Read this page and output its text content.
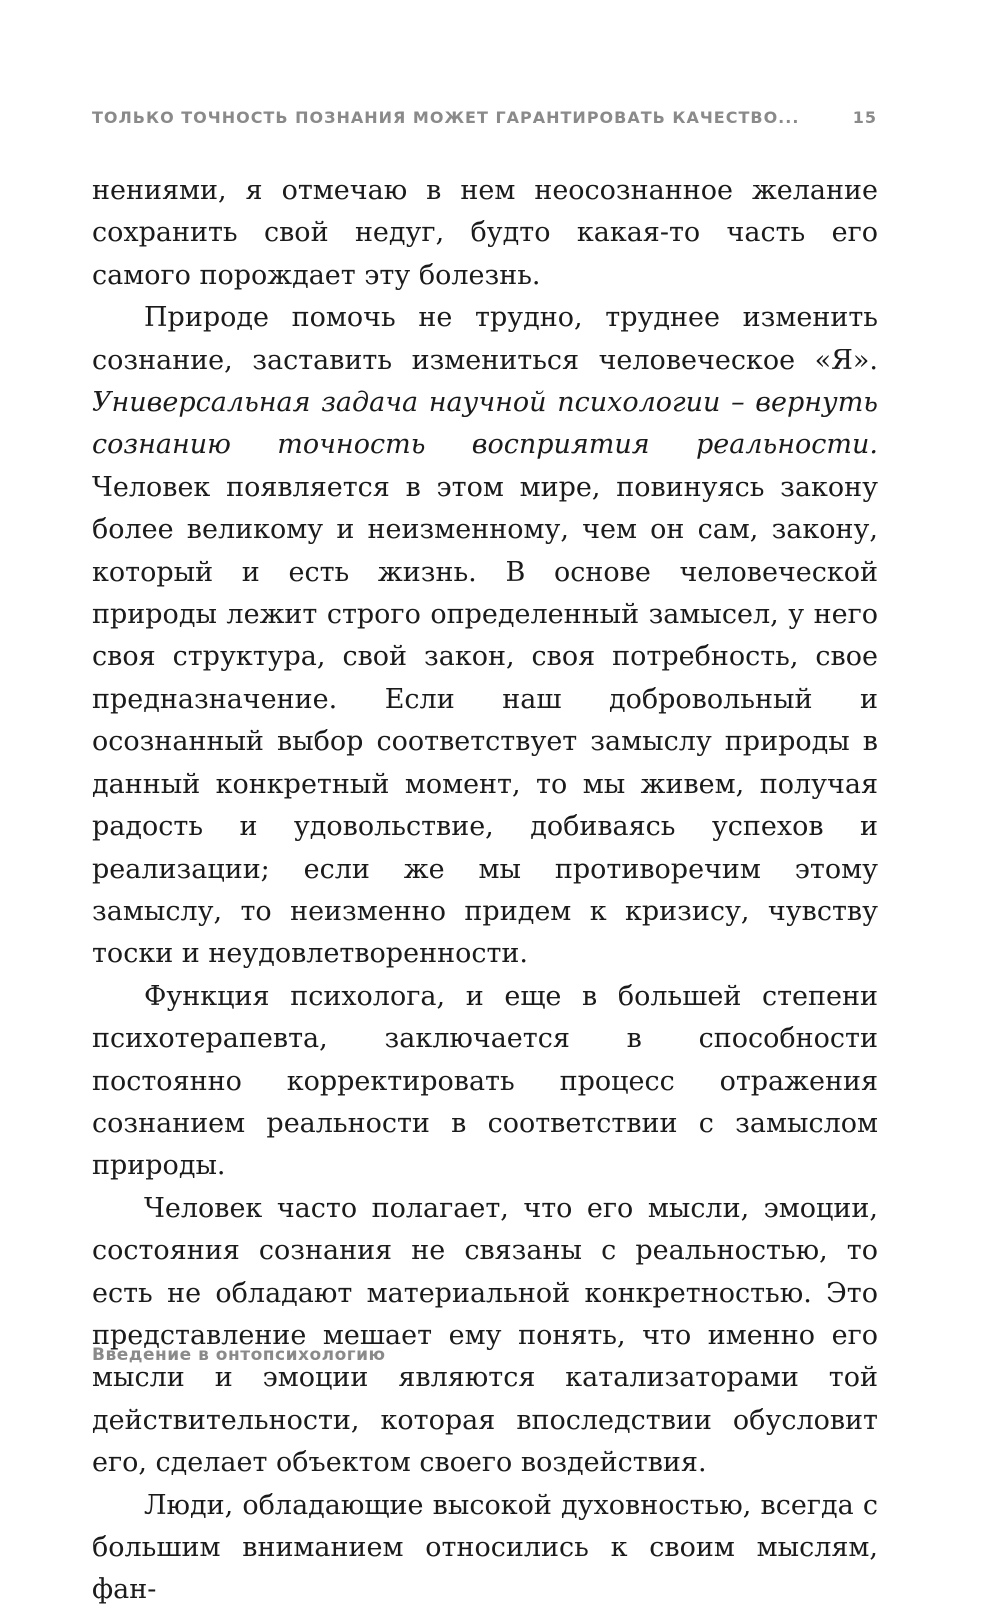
ТОЛЬКО ТОЧНОСТЬ ПОЗНАНИЯ МОЖЕТ ГАРАНТИРОВАТЬ КАЧЕСТВО...	15

нениями, я отмечаю в нем неосознанное желание сохранить свой недуг, будто какая-то часть его самого порождает эту болезнь.

Природе помочь не трудно, труднее изменить сознание, заставить измениться человеческое «Я». Универсальная задача научной психологии – вернуть сознанию точность восприятия реальности. Человек появляется в этом мире, повинуясь закону более великому и неизменному, чем он сам, закону, который и есть жизнь. В основе человеческой природы лежит строго определенный замысел, у него своя структура, свой закон, своя потребность, свое предназначение. Если наш добровольный и осознанный выбор соответствует замыслу природы в данный конкретный момент, то мы живем, получая радость и удовольствие, добиваясь успехов и реализации; если же мы противоречим этому замыслу, то неизменно придем к кризису, чувству тоски и неудовлетворенности.

Функция психолога, и еще в большей степени психотерапевта, заключается в способности постоянно корректировать процесс отражения сознанием реальности в соответствии с замыслом природы.

Человек часто полагает, что его мысли, эмоции, состояния сознания не связаны с реальностью, то есть не обладают материальной конкретностью. Это представление мешает ему понять, что именно его мысли и эмоции являются катализаторами той действительности, которая впоследствии обусловит его, сделает объектом своего воздействия.

Люди, обладающие высокой духовностью, всегда с большим вниманием относились к своим мыслям, фан-

Введение в онтопсихологию
